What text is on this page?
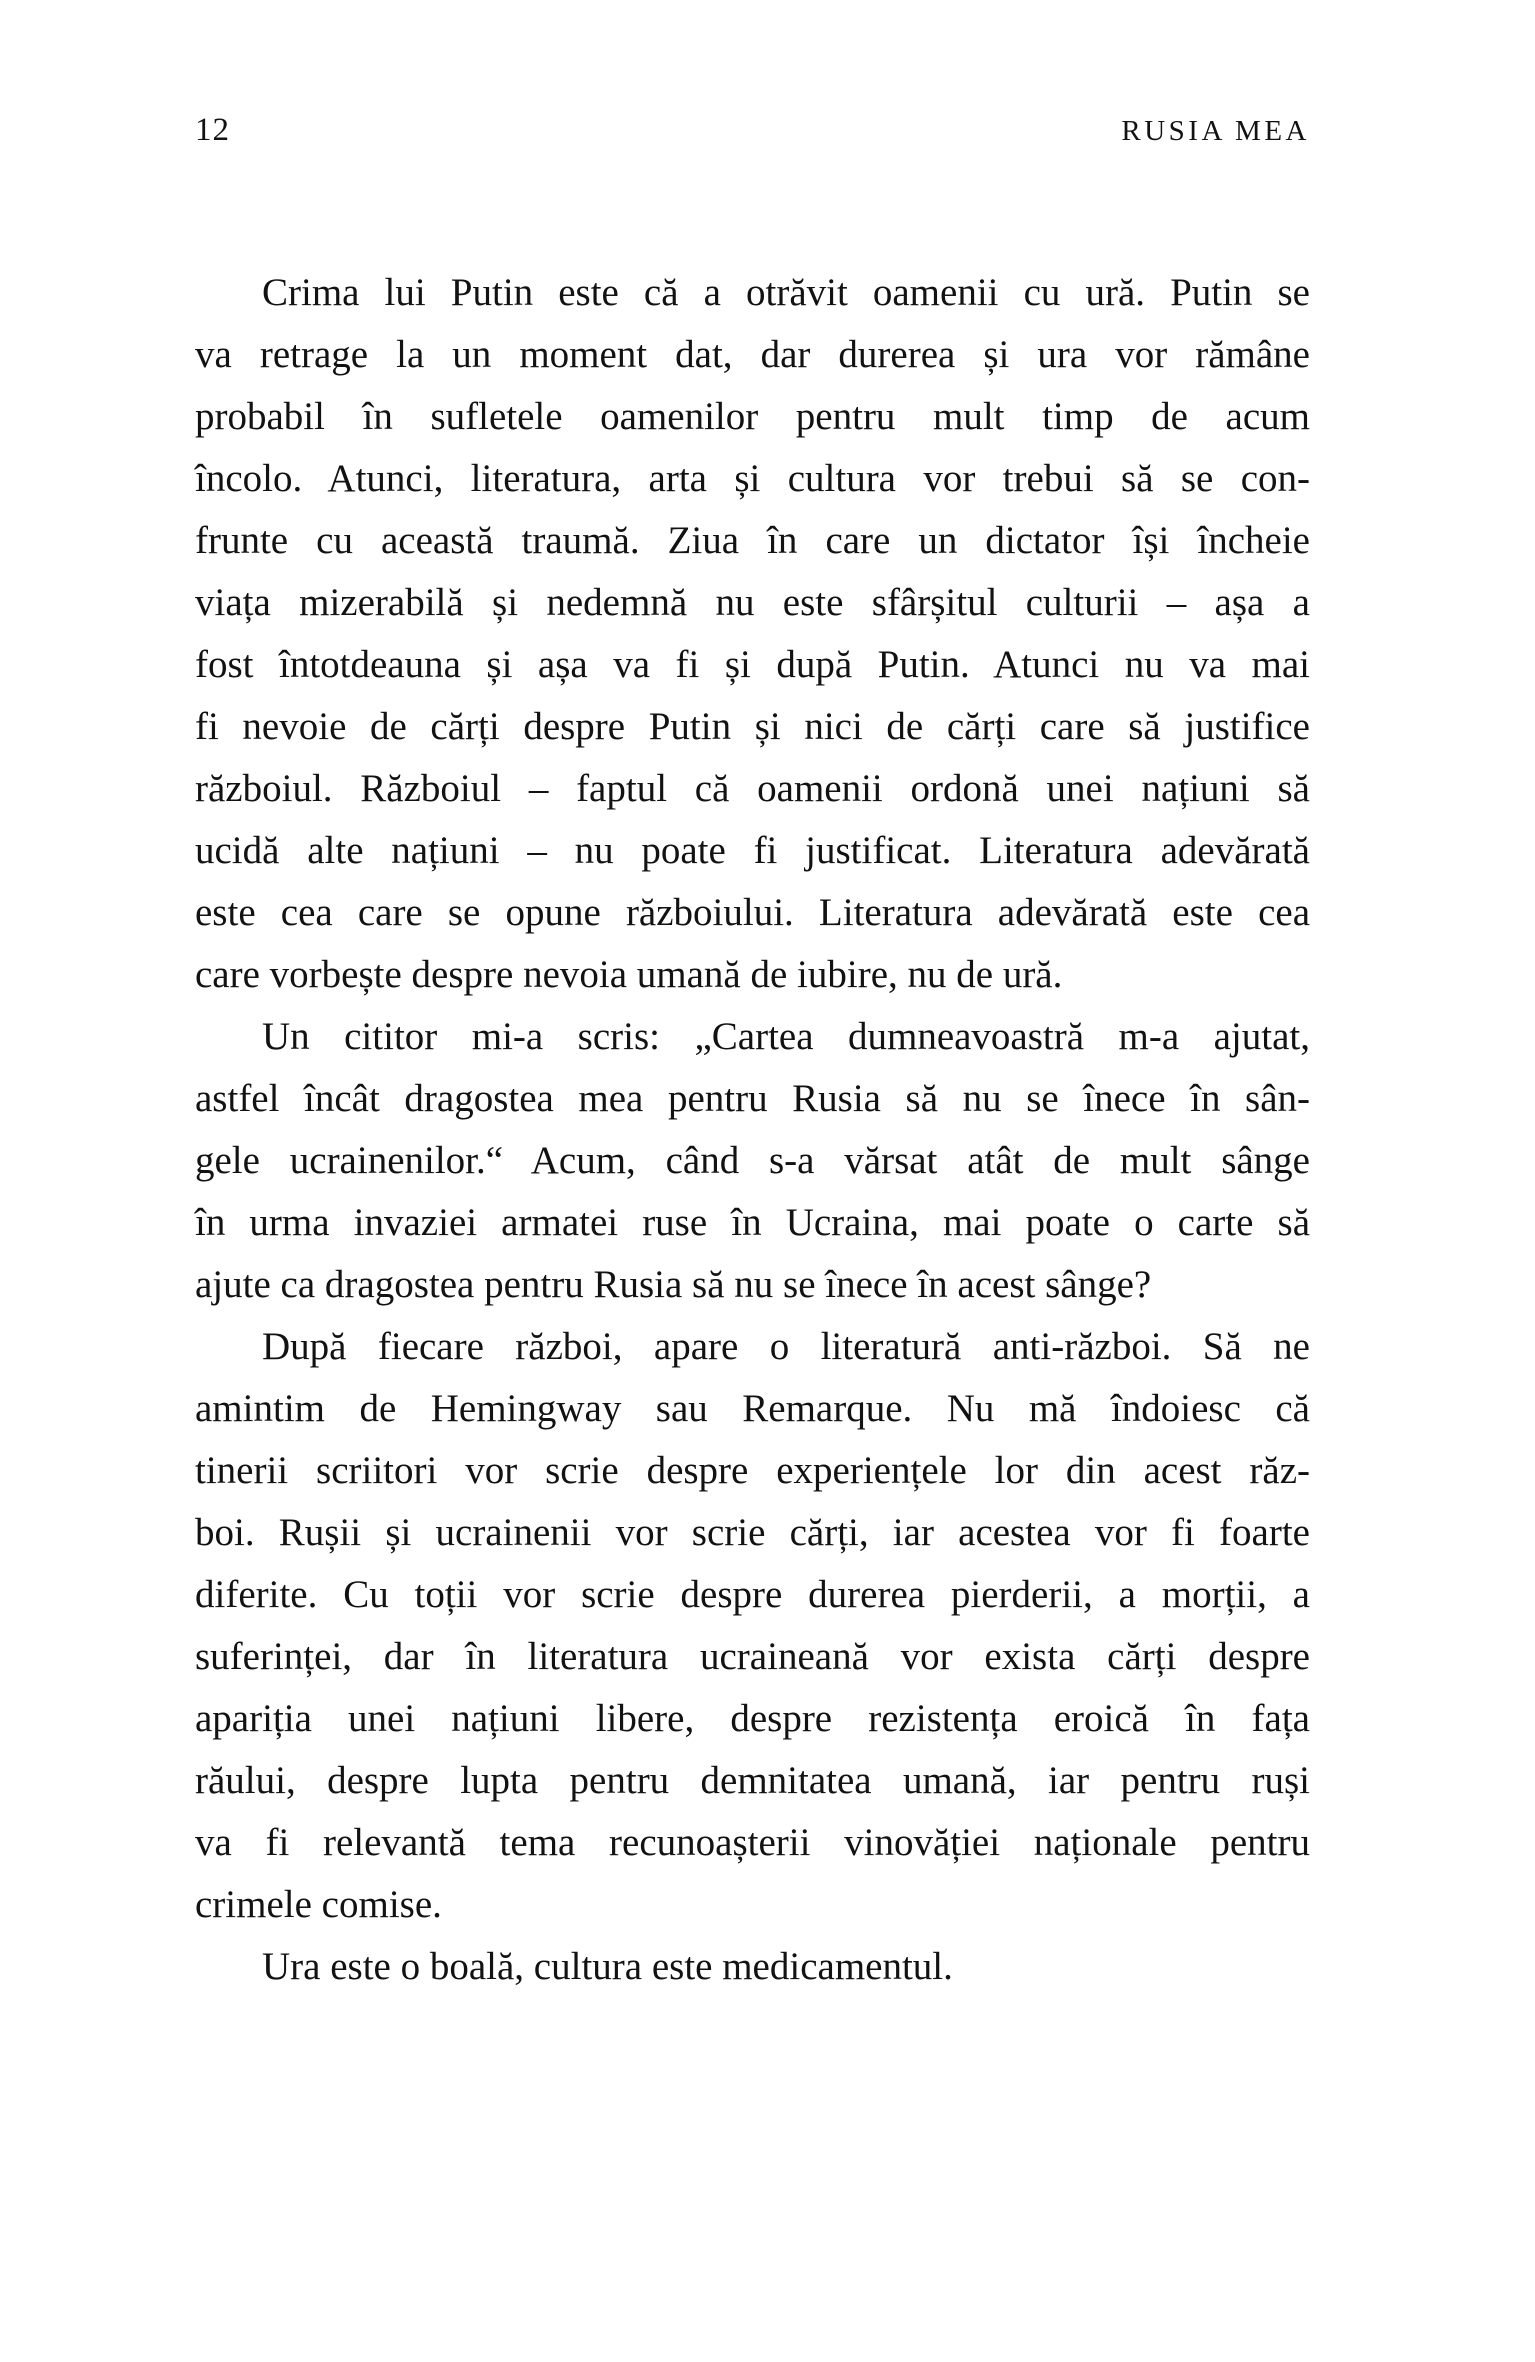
12	RUSIA MEA
Crima lui Putin este că a otrăvit oamenii cu ură. Putin se
va retrage la un moment dat, dar durerea și ura vor rămâne
probabil în sufletele oamenilor pentru mult timp de acum
încolo. Atunci, literatura, arta și cultura vor trebui să se con-
frunte cu această traumă. Ziua în care un dictator își încheie
viața mizerabilă și nedemnă nu este sfârșitul culturii – așa a
fost întotdeauna și așa va fi și după Putin. Atunci nu va mai
fi nevoie de cărți despre Putin și nici de cărți care să justifice
războiul. Războiul – faptul că oamenii ordonă unei națiuni să
ucidă alte națiuni – nu poate fi justificat. Literatura adevărată
este cea care se opune războiului. Literatura adevărată este cea
care vorbește despre nevoia umană de iubire, nu de ură.
Un cititor mi-a scris: „Cartea dumneavoastră m-a ajutat,
astfel încât dragostea mea pentru Rusia să nu se înece în sân-
gele ucrainenilor.“ Acum, când s-a vărsat atât de mult sânge
în urma invaziei armatei ruse în Ucraina, mai poate o carte să
ajute ca dragostea pentru Rusia să nu se înece în acest sânge?
După fiecare război, apare o literatură anti-război. Să ne
amintim de Hemingway sau Remarque. Nu mă îndoiesc că
tinerii scriitori vor scrie despre experiențele lor din acest răz-
boi. Rușii și ucrainenii vor scrie cărți, iar acestea vor fi foarte
diferite. Cu toții vor scrie despre durerea pierderii, a morții, a
suferinței, dar în literatura ucraineană vor exista cărți despre
apariția unei națiuni libere, despre rezistența eroică în fața
răului, despre lupta pentru demnitatea umană, iar pentru ruși
va fi relevantă tema recunoașterii vinovăției naționale pentru
crimele comise.
Ura este o boală, cultura este medicamentul.
